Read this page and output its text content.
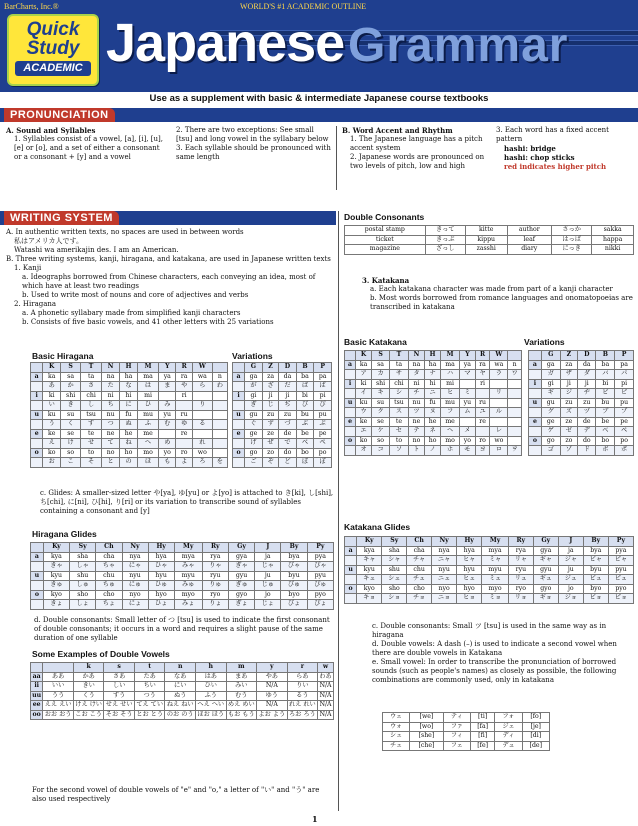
BarCharts, Inc.®	WORLD'S #1 ACADEMIC OUTLINE
Quick
Study
ACADEMIC Japanese Grammar
Use as a supplement with basic & intermediate Japanese course textbooks
PRONUNCIATION
A. Sound and Syllables
1. Syllables consist of a vowel, [a], [i], [u], [e] or [o], and a set of either a consonant or a consonant + [y] and a vowel
2. There are two exceptions: See small [tsu] and long vowel in the syllabary below
3. Each syllable should be pronounced with same length
B. Word Accent and Rhythm
1. The Japanese language has a pitch accent system
2. Japanese words are pronounced on two levels of pitch, low and high
3. Each word has a fixed accent pattern
hashi: bridge
hashi: chop sticks
red indicates higher pitch
WRITING SYSTEM
A. In authentic written texts, no spaces are used in between words
私はアメリカ人です。
Watashi wa amerikajin des. I am an American.
B. Three writing systems, kanji, hiragana, and katakana, are used in Japanese written texts
1. Kanji
a. Ideographs borrowed from Chinese characters, each conveying an idea, most of which have at least two readings
b. Used to write most of nouns and core of adjectives and verbs
2. Hiragana
a. A phonetic syllabary made from simplified kanji characters
b. Consists of five basic vowels, and 41 other letters with 25 variations
Basic Hiragana	Variations
	K	S	T	N	H	M	Y	R	W	
a	ka	sa	ta	na	ha	ma	ya	ra	wa	n
	あ	か	さ	た	な	は	ま	や	ら	わ
i	ki	shi	chi	ni	hi	mi		ri		
	い	き	し	ち	に	ひ	み		り	
u	ku	su	tsu	nu	fu	mu	yu	ru		
	う	く	す	つ	ぬ	ふ	む	ゆ	る	
e	ke	se	te	ne	he	me		re		
	え	け	せ	て	ね	へ	め		れ	
o	ko	so	to	no	ho	mo	yo	ro	wo	
	お	こ	そ	と	の	ほ	も	よ	ろ	を
	G	Z	D	B	P
a	ga	za	da	ba	pa
	が	ざ	だ	ば	ぱ
i	gi	ji	ji	bi	pi
	ぎ	じ	ぢ	び	ぴ
u	gu	zu	zu	bu	pu
	ぐ	ず	づ	ぶ	ぷ
e	ge	ze	de	be	pe
	げ	ぜ	で	べ	ぺ
o	go	zo	do	bo	po
	ご	ぞ	ど	ぼ	ぽ
c. Glides: A smaller-sized letter や[ya], ゆ[yu] or よ[yo] is attached to き[ki], し[shi], ち[chi], に[ni], ひ[hi], り[ri] or its variation to transcribe sound of syllables containing a consonant and [y]
Hiragana Glides
	Ky	Sy	Ch	Ny	Hy	My	Ry	Gy	J	By	Py
a	kya	sha	cha	nya	hya	mya	rya	gya	ja	bya	pya
	きゃ	しゃ	ちゃ	にゃ	ひゃ	みゃ	りゃ	ぎゃ	じゃ	びゃ	ぴゃ
u	kyu	shu	chu	nyu	hyu	myu	ryu	gyu	ju	byu	pyu
	きゅ	しゅ	ちゅ	にゅ	ひゅ	みゅ	りゅ	ぎゅ	じゅ	びゅ	ぴゅ
o	kyo	sho	cho	nyo	hyo	myo	ryo	gyo	jo	byo	pyo
	きょ	しょ	ちょ	にょ	ひょ	みょ	りょ	ぎょ	じょ	びょ	ぴょ
d. Double consonants: Small letter of つ [tsu] is used to indicate the first consonant of double consonants; it occurs in a word and requires a slight pause of the same duration of one syllable
Some Examples of Double Vowels
		k	s	t	n	h	m	y	r	w
aa	ああ	かあ	さあ	たあ	なあ	はあ	まあ	やあ	らあ	わあ
ii	いい	きい	しい	ちい	にい	ひい	みい	N/A	りい	N/A
uu	うう	くう	すう	つう	ぬう	ふう	むう	ゆう	るう	N/A
ee	ええ えい	けえ けい	せえ せい	てえ てい	ねえ ねい	へえ へい	めえ めい	N/A	れえ れい	N/A
oo	おお おう	こお こう	そお そう	とお とう	のお のう	ほお ほう	もお もう	よお よう	ろお ろう	N/A
For the second vowel of double vowels of "e" and "o," a letter of "い" and "う" are also used respectively
Double Consonants
postal stamp	きって	kitte	author	さっか	sakka
ticket	きっぷ	kippu	leaf	はっぱ	happa
magazine	ざっし	zasshi	diary	にっき	nikki
3. Katakana
a. Each katakana character was made from part of a kanji character
b. Most words borrowed from romance languages and onomatopoeias are transcribed in katakana
Basic Katakana	Variations
	K	S	T	N	H	M	Y	R	W	
a	ka	sa	ta	na	ha	ma	ya	ra	wa	n
	ア	カ	サ	タ	ナ	ハ	マ	ヤ	ラ	ワ
i	ki	shi	chi	ni	hi	mi		ri		
	イ	キ	シ	チ	ニ	ヒ	ミ		リ	
u	ku	su	tsu	nu	fu	mu	yu	ru		
	ウ	ク	ス	ツ	ヌ	フ	ム	ユ	ル	
e	ke	se	te	ne	he	me		re		
	エ	ケ	セ	テ	ネ	ヘ	メ		レ	
o	ko	so	to	no	ho	mo	yo	ro	wo	
	オ	コ	ソ	ト	ノ	ホ	モ	ヨ	ロ	ヲ
	G	Z	D	B	P
a	ga	za	da	ba	pa
	ガ	ザ	ダ	バ	パ
i	gi	ji	ji	bi	pi
	ギ	ジ	ヂ	ビ	ピ
u	gu	zu	zu	bu	pu
	グ	ズ	ヅ	ブ	プ
e	ge	ze	de	be	pe
	ゲ	ゼ	デ	ベ	ペ
o	go	zo	do	bo	po
	ゴ	ゾ	ド	ボ	ポ
Katakana Glides
	Ky	Sy	Ch	Ny	Hy	My	Ry	Gy	J	By	Py
a	kya	sha	cha	nya	hya	mya	rya	gya	ja	bya	pya
	キャ	シャ	チャ	ニャ	ヒャ	ミャ	リャ	ギャ	ジャ	ビャ	ピャ
u	kyu	shu	chu	nyu	hyu	myu	ryu	gyu	ju	byu	pyu
	キュ	シュ	チュ	ニュ	ヒュ	ミュ	リュ	ギュ	ジュ	ビュ	ピュ
o	kyo	sho	cho	nyo	hyo	myo	ryo	gyo	jo	byo	pyo
	キョ	ショ	チョ	ニョ	ヒョ	ミョ	リョ	ギョ	ジョ	ビョ	ピョ
c. Double consonants: Small ツ [tsu] is used in the same way as in hiragana
d. Double vowels: A dash (–) is used to indicate a second vowel when there are double vowels in Katakana
e. Small vowel: In order to transcribe the pronunciation of borrowed sounds (such as people's names) as closely as possible, the following combinations are commonly used, only in katakana
ウェ	[we]	ティ	[ti]	フォ	[fo]
ウォ	[wo]	ファ	[fa]	ジェ	[je]
シェ	[she]	フィ	[fi]	ディ	[di]
チェ	[che]	フェ	[fe]	デュ	[de]
1
